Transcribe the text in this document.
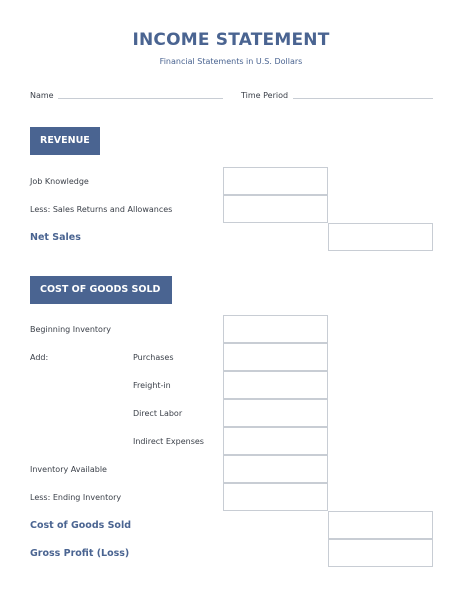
INCOME STATEMENT
Financial Statements in U.S. Dollars
Name	Time Period
REVENUE
Job Knowledge
Less: Sales Returns and Allowances
Net Sales
COST OF GOODS SOLD
Beginning Inventory
Add:	Purchases
Freight-in
Direct Labor
Indirect Expenses
Inventory Available
Less: Ending Inventory
Cost of Goods Sold
Gross Profit (Loss)
